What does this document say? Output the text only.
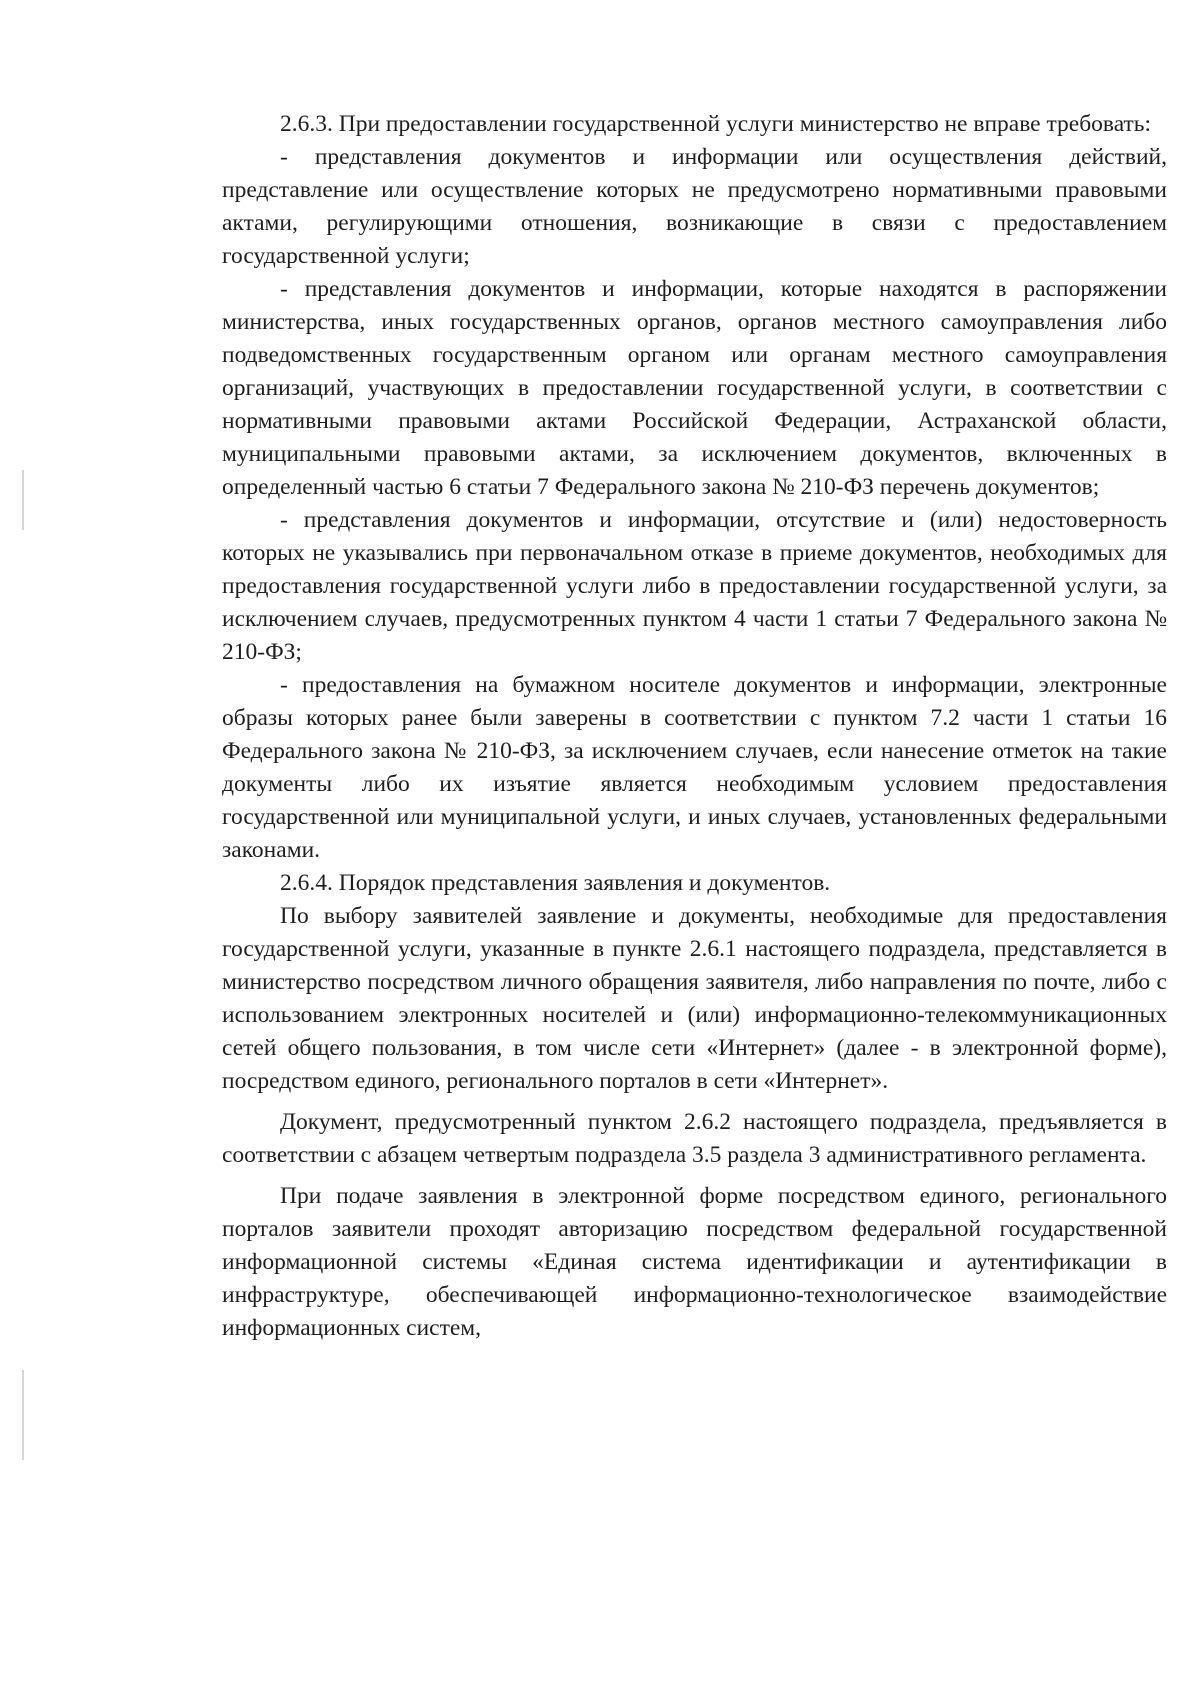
2.6.3. При предоставлении государственной услуги министерство не вправе требовать:

- представления документов и информации или осуществления действий, представление или осуществление которых не предусмотрено нормативными правовыми актами, регулирующими отношения, возникающие в связи с предоставлением государственной услуги;

- представления документов и информации, которые находятся в распоряжении министерства, иных государственных органов, органов местного самоуправления либо подведомственных государственным органом или органам местного самоуправления организаций, участвующих в предоставлении государственной услуги, в соответствии с нормативными правовыми актами Российской Федерации, Астраханской области, муниципальными правовыми актами, за исключением документов, включенных в определенный частью 6 статьи 7 Федерального закона № 210-ФЗ перечень документов;

- представления документов и информации, отсутствие и (или) недостоверность которых не указывались при первоначальном отказе в приеме документов, необходимых для предоставления государственной услуги либо в предоставлении государственной услуги, за исключением случаев, предусмотренных пунктом 4 части 1 статьи 7 Федерального закона № 210-ФЗ;

- предоставления на бумажном носителе документов и информации, электронные образы которых ранее были заверены в соответствии с пунктом 7.2 части 1 статьи 16 Федерального закона № 210-ФЗ, за исключением случаев, если нанесение отметок на такие документы либо их изъятие является необходимым условием предоставления государственной или муниципальной услуги, и иных случаев, установленных федеральными законами.

2.6.4. Порядок представления заявления и документов.

По выбору заявителей заявление и документы, необходимые для предоставления государственной услуги, указанные в пункте 2.6.1 настоящего подраздела, представляется в министерство посредством личного обращения заявителя, либо направления по почте, либо с использованием электронных носителей и (или) информационно-телекоммуникационных сетей общего пользования, в том числе сети «Интернет» (далее - в электронной форме), посредством единого, регионального порталов в сети «Интернет».

Документ, предусмотренный пунктом 2.6.2 настоящего подраздела, предъявляется в соответствии с абзацем четвертым подраздела 3.5 раздела 3 административного регламента.

При подаче заявления в электронной форме посредством единого, регионального порталов заявители проходят авторизацию посредством федеральной государственной информационной системы «Единая система идентификации и аутентификации в инфраструктуре, обеспечивающей информационно-технологическое взаимодействие информационных систем,
